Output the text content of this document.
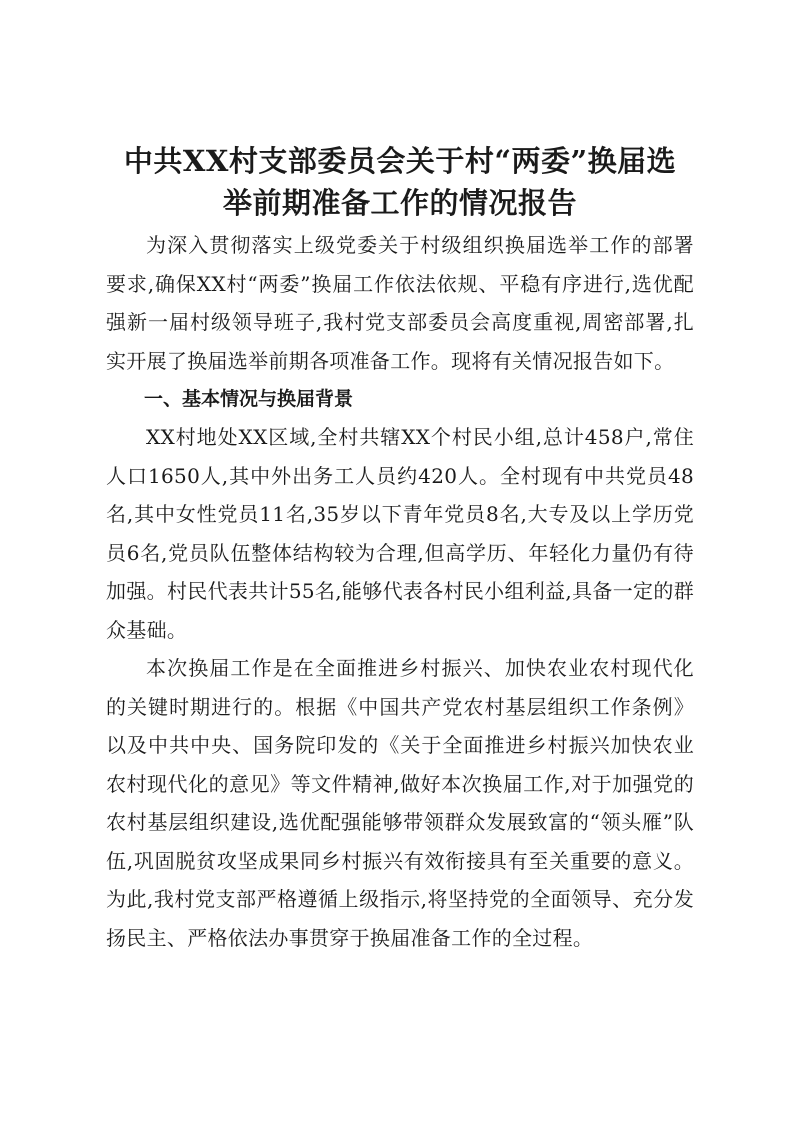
中共XX村支部委员会关于村“两委”换届选
举前期准备工作的情况报告

为深入贯彻落实上级党委关于村级组织换届选举工作的部署要求,确保XX村“两委”换届工作依法依规、平稳有序进行,选优配强新一届村级领导班子,我村党支部委员会高度重视,周密部署,扎实开展了换届选举前期各项准备工作。现将有关情况报告如下。

一、基本情况与换届背景

XX村地处XX区域,全村共辖XX个村民小组,总计458户,常住人口1650人,其中外出务工人员约420人。全村现有中共党员48名,其中女性党员11名,35岁以下青年党员8名,大专及以上学历党员6名,党员队伍整体结构较为合理,但高学历、年轻化力量仍有待加强。村民代表共计55名,能够代表各村民小组利益,具备一定的群众基础。

本次换届工作是在全面推进乡村振兴、加快农业农村现代化的关键时期进行的。根据《中国共产党农村基层组织工作条例》以及中共中央、国务院印发的《关于全面推进乡村振兴加快农业农村现代化的意见》等文件精神,做好本次换届工作,对于加强党的农村基层组织建设,选优配强能够带领群众发展致富的“领头雁”队伍,巩固脱贫攻坚成果同乡村振兴有效衔接具有至关重要的意义。为此,我村党支部严格遵循上级指示,将坚持党的全面领导、充分发扬民主、严格依法办事贯穿于换届准备工作的全过程。
